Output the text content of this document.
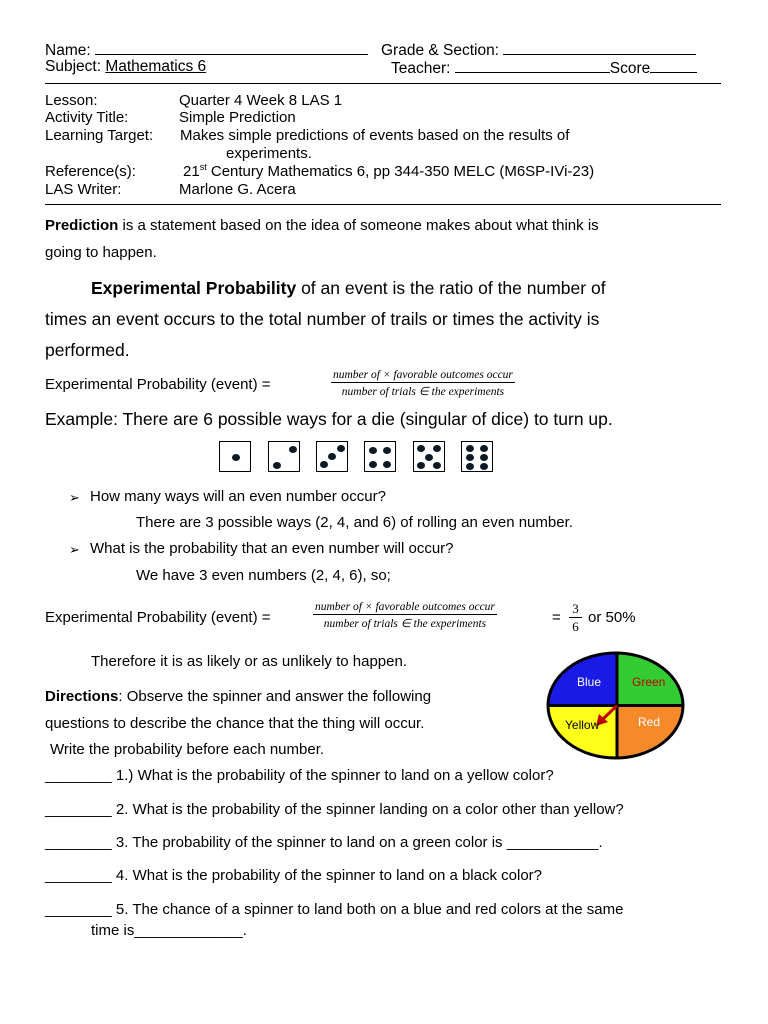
Name:	Grade & Section:
Subject: Mathematics 6	Teacher:	Score
Lesson:	Quarter 4 Week 8 LAS 1
Activity Title:	Simple Prediction
Learning Target: Makes simple predictions of events based on the results of
experiments.
Reference(s):	21st Century Mathematics 6, pp 344-350 MELC (M6SP-IVi-23)
LAS Writer:	Marlone G. Acera
Prediction is a statement based on the idea of someone makes about what think is
going to happen.
Experimental Probability of an event is the ratio of the number of
times an event occurs to the total number of trails or times the activity is
performed.
Experimental Probability (event) =
number of × favorable outcomes occur
number of trials ∈ the experiments
Example: There are 6 possible ways for a die (singular of dice) to turn up.
➢ How many ways will an even number occur?
There are 3 possible ways (2, 4, and 6) of rolling an even number.
➢ What is the probability that an even number will occur?
We have 3 even numbers (2, 4, 6), so;
Experimental Probability (event) =
number of × favorable outcomes occur
number of trials ∈ the experiments	= $\frac{3}{6}$ or 50%
Therefore it is as likely or as unlikely to happen.
Directions: Observe the spinner and answer the following
questions to describe the chance that the thing will occur.
Write the probability before each number.
Blue	Green
Red
Yellow
________ 1.) What is the probability of the spinner to land on a yellow color?
________ 2. What is the probability of the spinner landing on a color other than yellow?
________ 3. The probability of the spinner to land on a green color is ___________.
________ 4. What is the probability of the spinner to land on a black color?
________ 5. The chance of a spinner to land both on a blue and red colors at the same
time is_____________.
